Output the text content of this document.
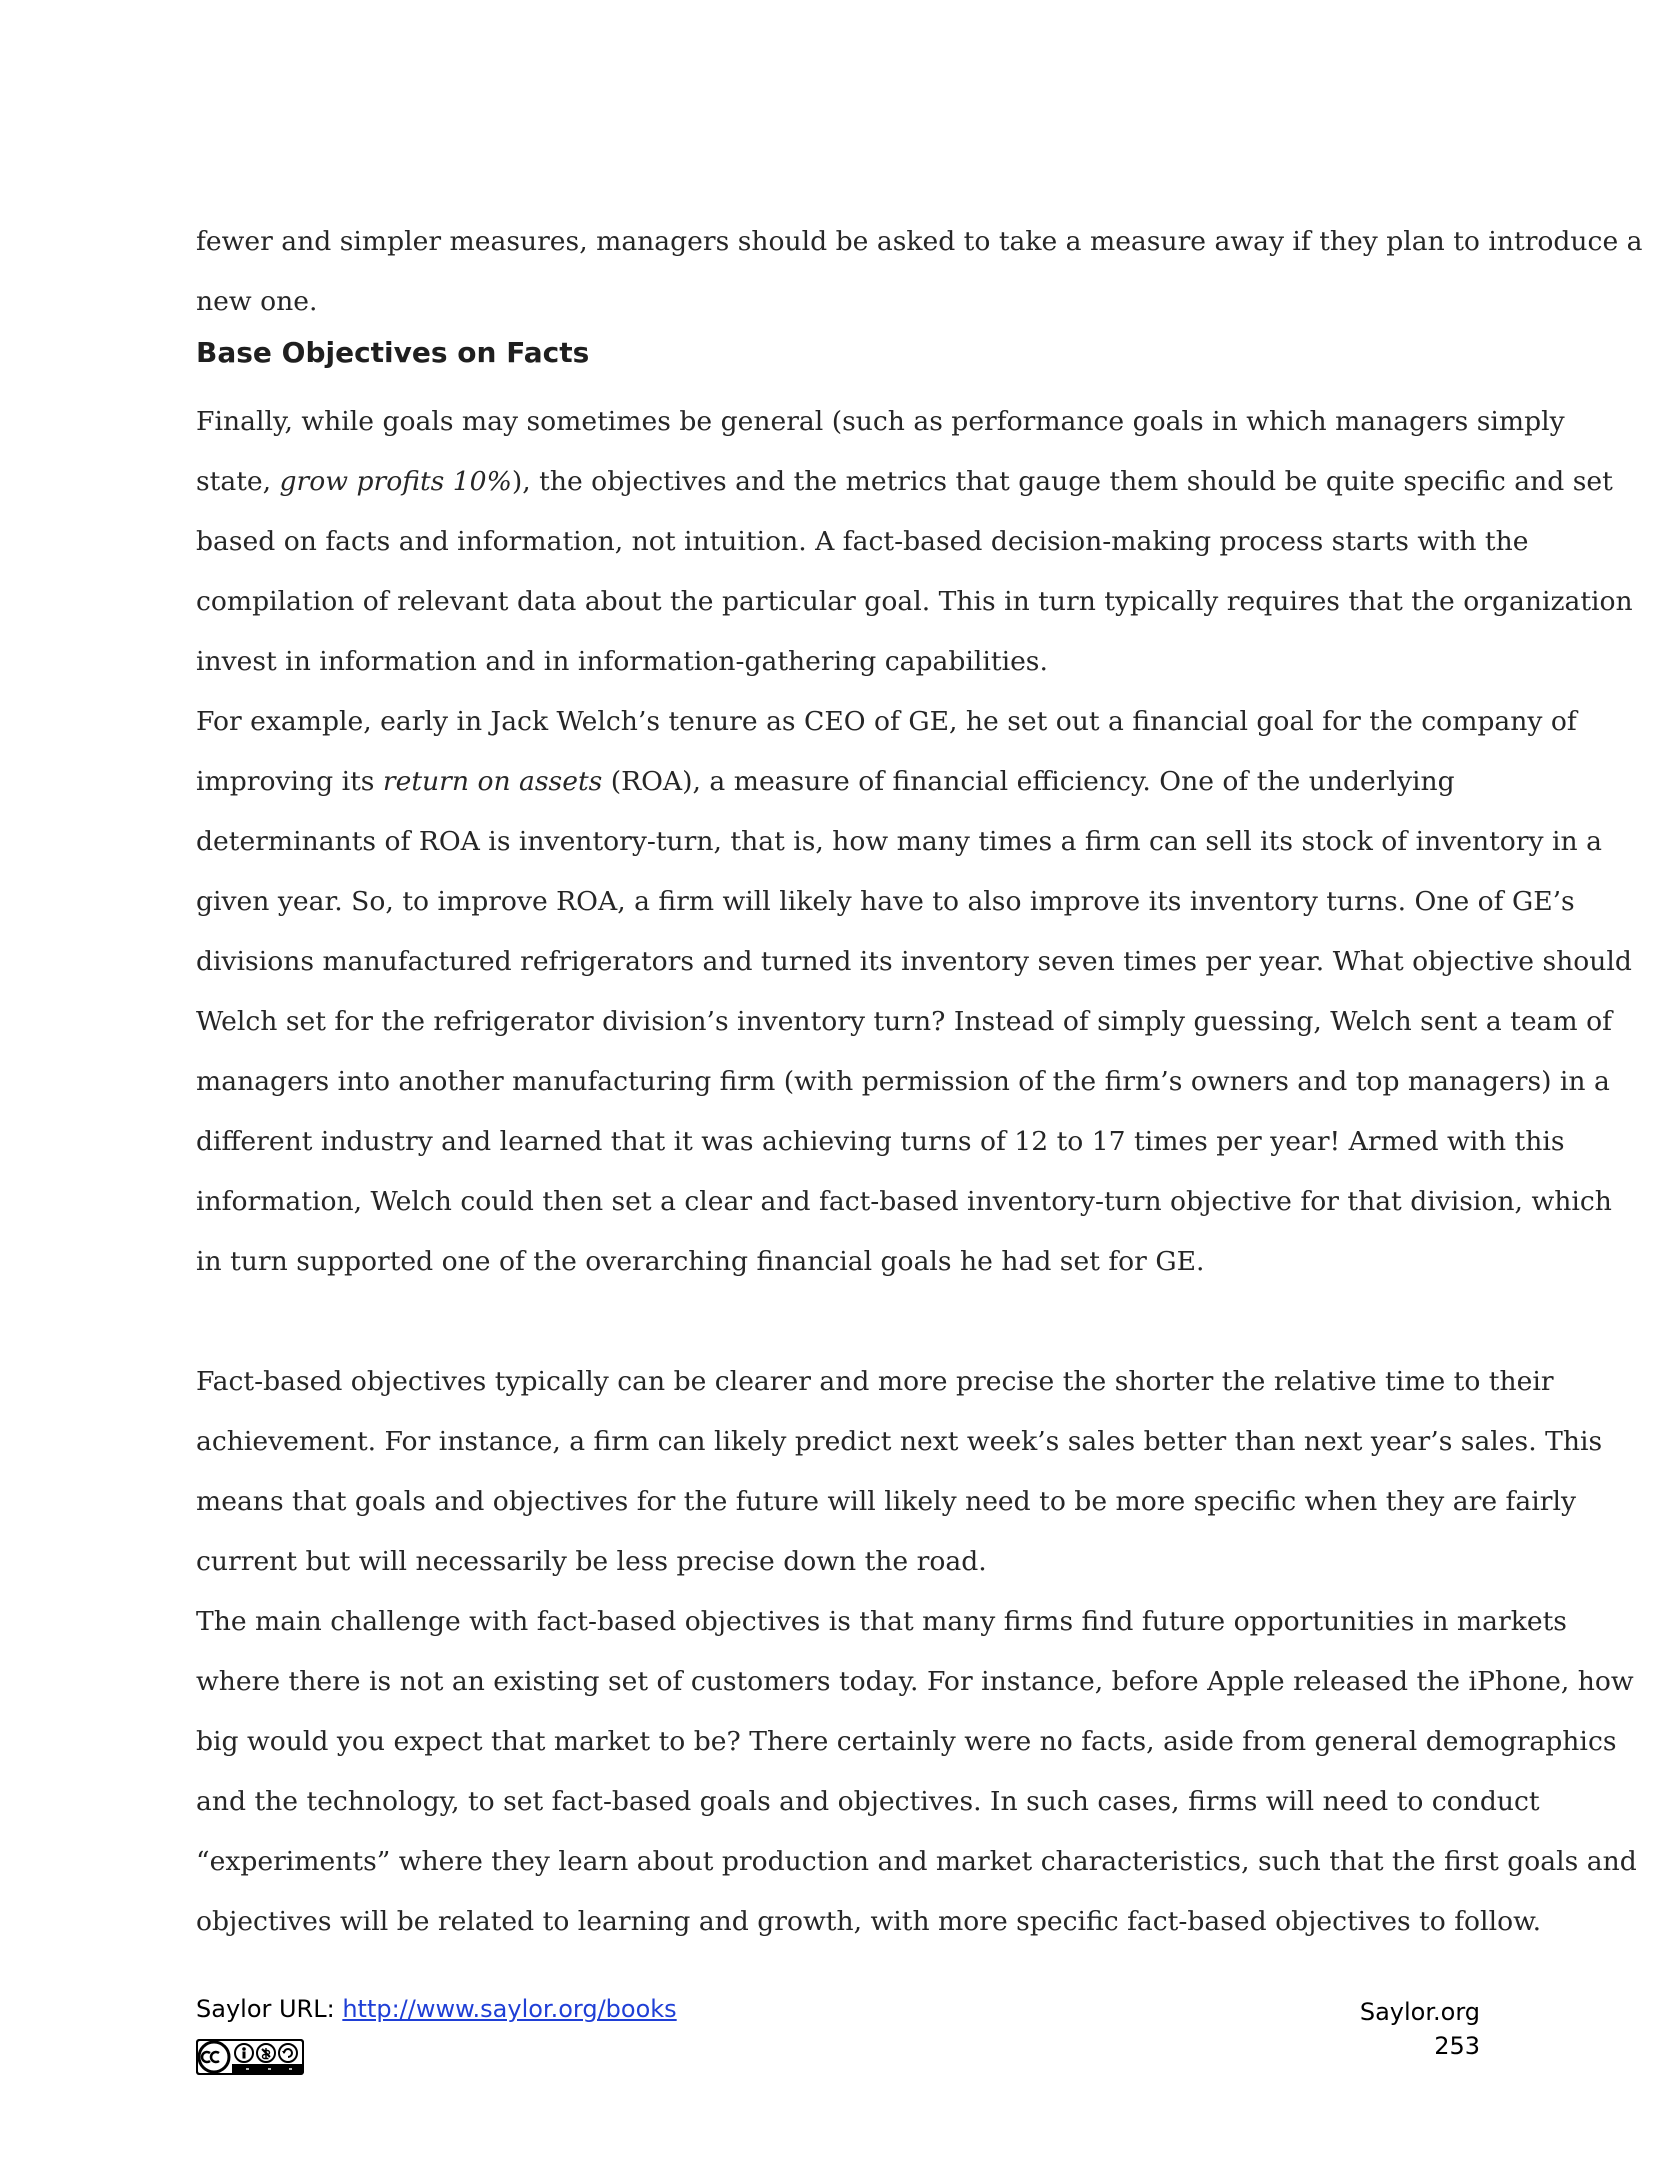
fewer and simpler measures, managers should be asked to take a measure away if they plan to introduce a
new one.

Base Objectives on Facts

Finally, while goals may sometimes be general (such as performance goals in which managers simply
state, grow profits 10%), the objectives and the metrics that gauge them should be quite specific and set
based on facts and information, not intuition. A fact-based decision-making process starts with the
compilation of relevant data about the particular goal. This in turn typically requires that the organization
invest in information and in information-gathering capabilities.

For example, early in Jack Welch’s tenure as CEO of GE, he set out a financial goal for the company of
improving its return on assets (ROA), a measure of financial efficiency. One of the underlying
determinants of ROA is inventory-turn, that is, how many times a firm can sell its stock of inventory in a
given year. So, to improve ROA, a firm will likely have to also improve its inventory turns. One of GE’s
divisions manufactured refrigerators and turned its inventory seven times per year. What objective should
Welch set for the refrigerator division’s inventory turn? Instead of simply guessing, Welch sent a team of
managers into another manufacturing firm (with permission of the firm’s owners and top managers) in a
different industry and learned that it was achieving turns of 12 to 17 times per year! Armed with this
information, Welch could then set a clear and fact-based inventory-turn objective for that division, which
in turn supported one of the overarching financial goals he had set for GE.

Fact-based objectives typically can be clearer and more precise the shorter the relative time to their
achievement. For instance, a firm can likely predict next week’s sales better than next year’s sales. This
means that goals and objectives for the future will likely need to be more specific when they are fairly
current but will necessarily be less precise down the road.

The main challenge with fact-based objectives is that many firms find future opportunities in markets
where there is not an existing set of customers today. For instance, before Apple released the iPhone, how
big would you expect that market to be? There certainly were no facts, aside from general demographics
and the technology, to set fact-based goals and objectives. In such cases, firms will need to conduct
“experiments” where they learn about production and market characteristics, such that the first goals and
objectives will be related to learning and growth, with more specific fact-based objectives to follow.

Saylor URL: http://www.saylor.org/books	Saylor.org
253
